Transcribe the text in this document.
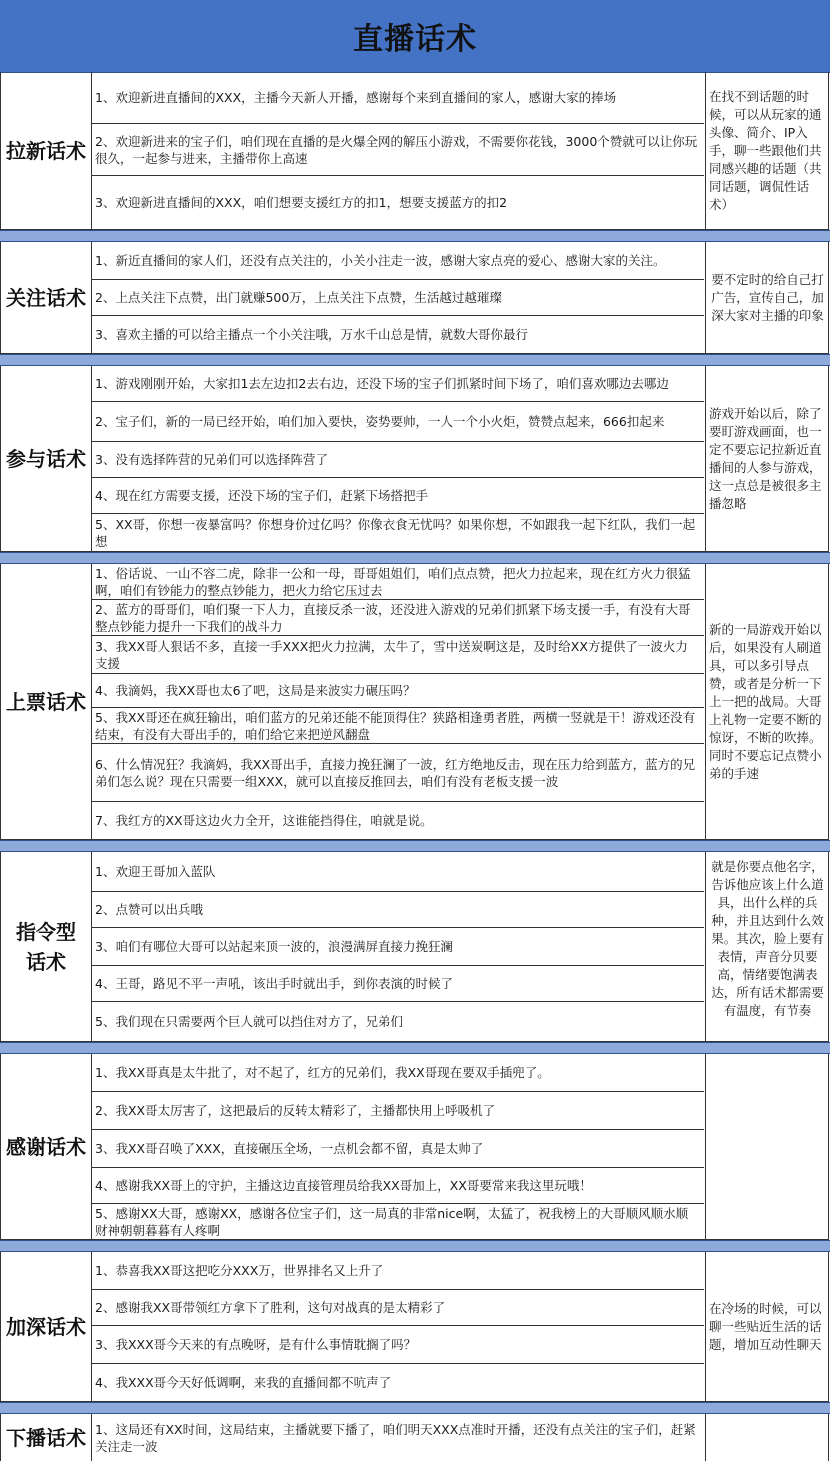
直播话术
拉新话术
1、欢迎新进直播间的XXX，主播今天新人开播，感谢每个来到直播间的家人，感谢大家的捧场
2、欢迎新进来的宝子们，咱们现在直播的是火爆全网的解压小游戏，不需要你花钱，3000个赞就可以让你玩很久，一起参与进来，主播带你上高速
3、欢迎新进直播间的XXX，咱们想要支援红方的扣1，想要支援蓝方的扣2
在找不到话题的时候，可以从玩家的通头像、简介、IP入手，聊一些跟他们共同感兴趣的话题（共同话题，调侃性话术）
关注话术
1、新近直播间的家人们，还没有点关注的，小关小注走一波，感谢大家点亮的爱心、感谢大家的关注。
2、上点关注下点赞，出门就赚500万，上点关注下点赞，生活越过越璀璨
3、喜欢主播的可以给主播点一个小关注哦，万水千山总是情，就数大哥你最行
要不定时的给自己打广告，宣传自己，加深大家对主播的印象
参与话术
1、游戏刚刚开始，大家扣1去左边扣2去右边，还没下场的宝子们抓紧时间下场了，咱们喜欢哪边去哪边
2、宝子们，新的一局已经开始，咱们加入要快，姿势要帅，一人一个小火炬，赞赞点起来，666扣起来
3、没有选择阵营的兄弟们可以选择阵营了
4、现在红方需要支援，还没下场的宝子们，赶紧下场搭把手
5、XX哥，你想一夜暴富吗？你想身价过亿吗？你像衣食无忧吗？如果你想，不如跟我一起下红队，我们一起想
游戏开始以后，除了要盯游戏画面，也一定不要忘记拉新近直播间的人参与游戏，这一点总是被很多主播忽略
上票话术
1、俗话说、一山不容二虎，除非一公和一母，哥哥姐姐们，咱们点点赞，把火力拉起来，现在红方火力很猛啊，咱们有钞能力的整点钞能力，把火力给它压过去
2、蓝方的哥哥们，咱们聚一下人力，直接反杀一波，还没进入游戏的兄弟们抓紧下场支援一手，有没有大哥整点钞能力提升一下我们的战斗力
3、我XX哥人狠话不多，直接一手XXX把火力拉满，太牛了，雪中送炭啊这是，及时给XX方提供了一波火力支援
4、我滴妈，我XX哥也太6了吧，这局是来波实力碾压吗？
5、我XX哥还在疯狂输出，咱们蓝方的兄弟还能不能顶得住？狭路相逢勇者胜，两横一竖就是干！游戏还没有结束，有没有大哥出手的，咱们给它来把逆风翻盘
6、什么情况狂？我滴妈，我XX哥出手，直接力挽狂澜了一波，红方绝地反击，现在压力给到蓝方，蓝方的兄弟们怎么说？现在只需要一组XXX，就可以直接反推回去，咱们有没有老板支援一波
7、我红方的XX哥这边火力全开，这谁能挡得住，咱就是说。
新的一局游戏开始以后，如果没有人刷道具，可以多引导点赞，或者是分析一下上一把的战局。大哥上礼物一定要不断的惊讶，不断的吹捧。同时不要忘记点赞小弟的手速
指令型话术
1、欢迎王哥加入蓝队
2、点赞可以出兵哦
3、咱们有哪位大哥可以站起来顶一波的，浪漫满屏直接力挽狂澜
4、王哥，路见不平一声吼，该出手时就出手，到你表演的时候了
5、我们现在只需要两个巨人就可以挡住对方了，兄弟们
就是你要点他名字，告诉他应该上什么道具，出什么样的兵种，并且达到什么效果。其次，脸上要有表情，声音分贝要高，情绪要饱满表达，所有话术都需要有温度，有节奏
感谢话术
1、我XX哥真是太牛批了，对不起了，红方的兄弟们，我XX哥现在要双手插兜了。
2、我XX哥太厉害了，这把最后的反转太精彩了，主播都快用上呼吸机了
3、我XX哥召唤了XXX，直接碾压全场，一点机会都不留，真是太帅了
4、感谢我XX哥上的守护，主播这边直接管理员给我XX哥加上，XX哥要常来我这里玩哦！
5、感谢XX大哥，感谢XX，感谢各位宝子们，这一局真的非常nice啊，太猛了，祝我榜上的大哥顺风顺水顺财神朝朝暮暮有人疼啊
加深话术
1、恭喜我XX哥这把吃分XXX万，世界排名又上升了
2、感谢我XX哥带领红方拿下了胜利，这句对战真的是太精彩了
3、我XXX哥今天来的有点晚呀，是有什么事情耽搁了吗？
4、我XXX哥今天好低调啊，来我的直播间都不吭声了
在冷场的时候，可以聊一些贴近生活的话题，增加互动性聊天
下播话术 1、这局还有XX时间，这局结束，主播就要下播了，咱们明天XXX点准时开播，还没有点关注的宝子们，赶紧关注走一波
